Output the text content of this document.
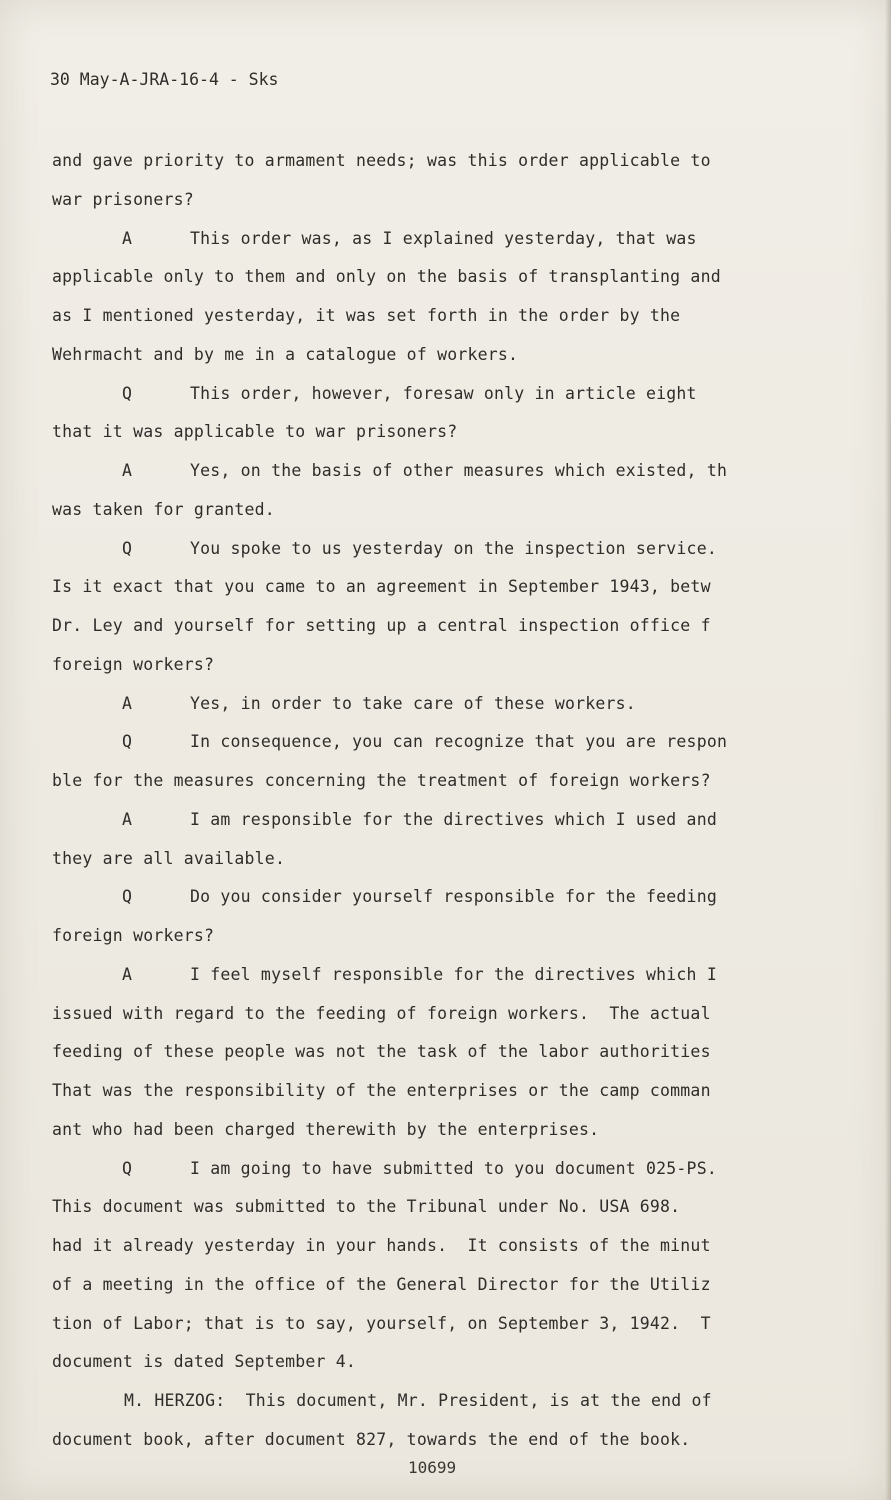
30 May-A-JRA-16-4 - Sks
and gave priority to armament needs; was this order applicable to
war prisoners?
A	This order was, as I explained yesterday, that was
applicable only to them and only on the basis of transplanting and
as I mentioned yesterday, it was set forth in the order by the
Wehrmacht and by me in a catalogue of workers.
Q	This order, however, foresaw only in article eight
that it was applicable to war prisoners?
A	Yes, on the basis of other measures which existed, th
was taken for granted.
Q	You spoke to us yesterday on the inspection service.
Is it exact that you came to an agreement in September 1943, betw
Dr. Ley and yourself for setting up a central inspection office f
foreign workers?
A	Yes, in order to take care of these workers.
Q	In consequence, you can recognize that you are respon
ble for the measures concerning the treatment of foreign workers?
A	I am responsible for the directives which I used and
they are all available.
Q	Do you consider yourself responsible for the feeding
foreign workers?
A	I feel myself responsible for the directives which I
issued with regard to the feeding of foreign workers.  The actual
feeding of these people was not the task of the labor authorities
That was the responsibility of the enterprises or the camp comman
ant who had been charged therewith by the enterprises.
Q	I am going to have submitted to you document 025-PS.
This document was submitted to the Tribunal under No. USA 698.
had it already yesterday in your hands.  It consists of the minut
of a meeting in the office of the General Director for the Utiliz
tion of Labor; that is to say, yourself, on September 3, 1942.  T
document is dated September 4.
M. HERZOG:  This document, Mr. President, is at the end of
document book, after document 827, towards the end of the book.
10699
